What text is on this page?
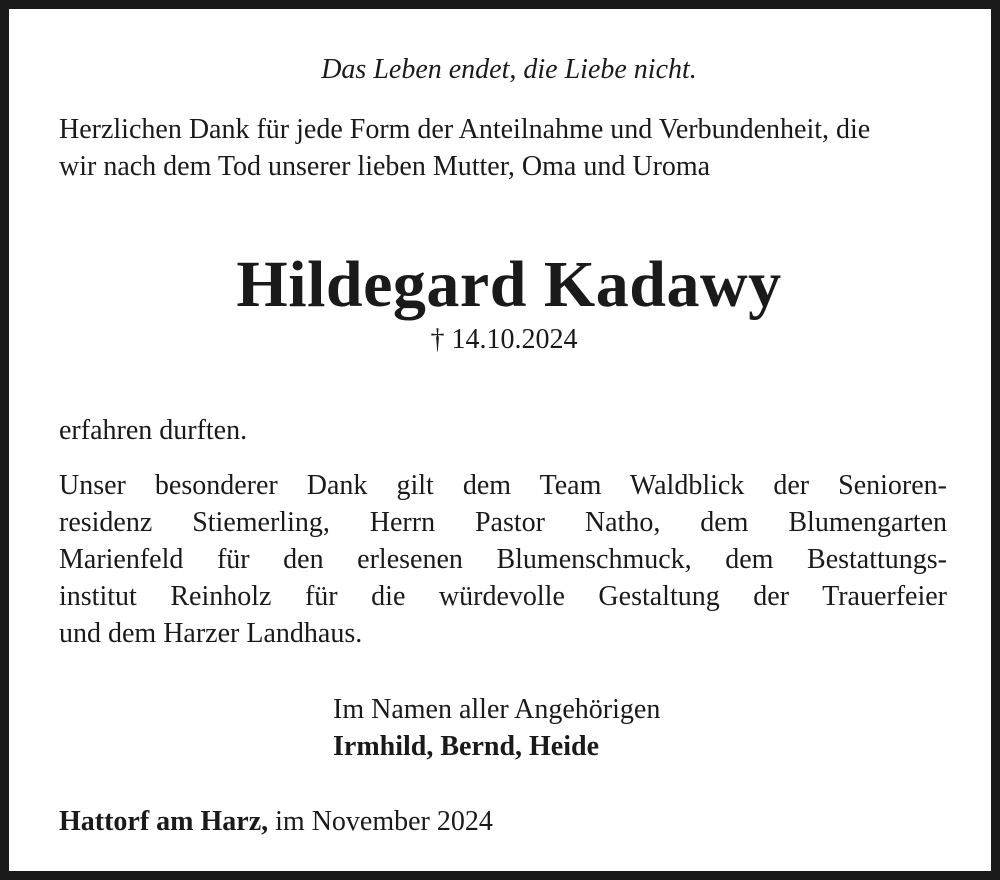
Das Leben endet, die Liebe nicht.

Herzlichen Dank für jede Form der Anteilnahme und Verbundenheit, die

wir nach dem Tod unserer lieben Mutter, Oma und Uroma

Hildegard Kadawy

† 14.10.2024

erfahren durften.

Unser besonderer Dank gilt dem Team Waldblick der Senioren-
residenz Stiemerling, Herrn Pastor Natho, dem Blumengarten
Marienfeld für den erlesenen Blumenschmuck, dem Bestattungs-
institut Reinholz für die würdevolle Gestaltung der Trauerfeier
und dem Harzer Landhaus.

Im Namen aller Angehörigen

Irmhild, Bernd, Heide

Hattorf am Harz, im November 2024
